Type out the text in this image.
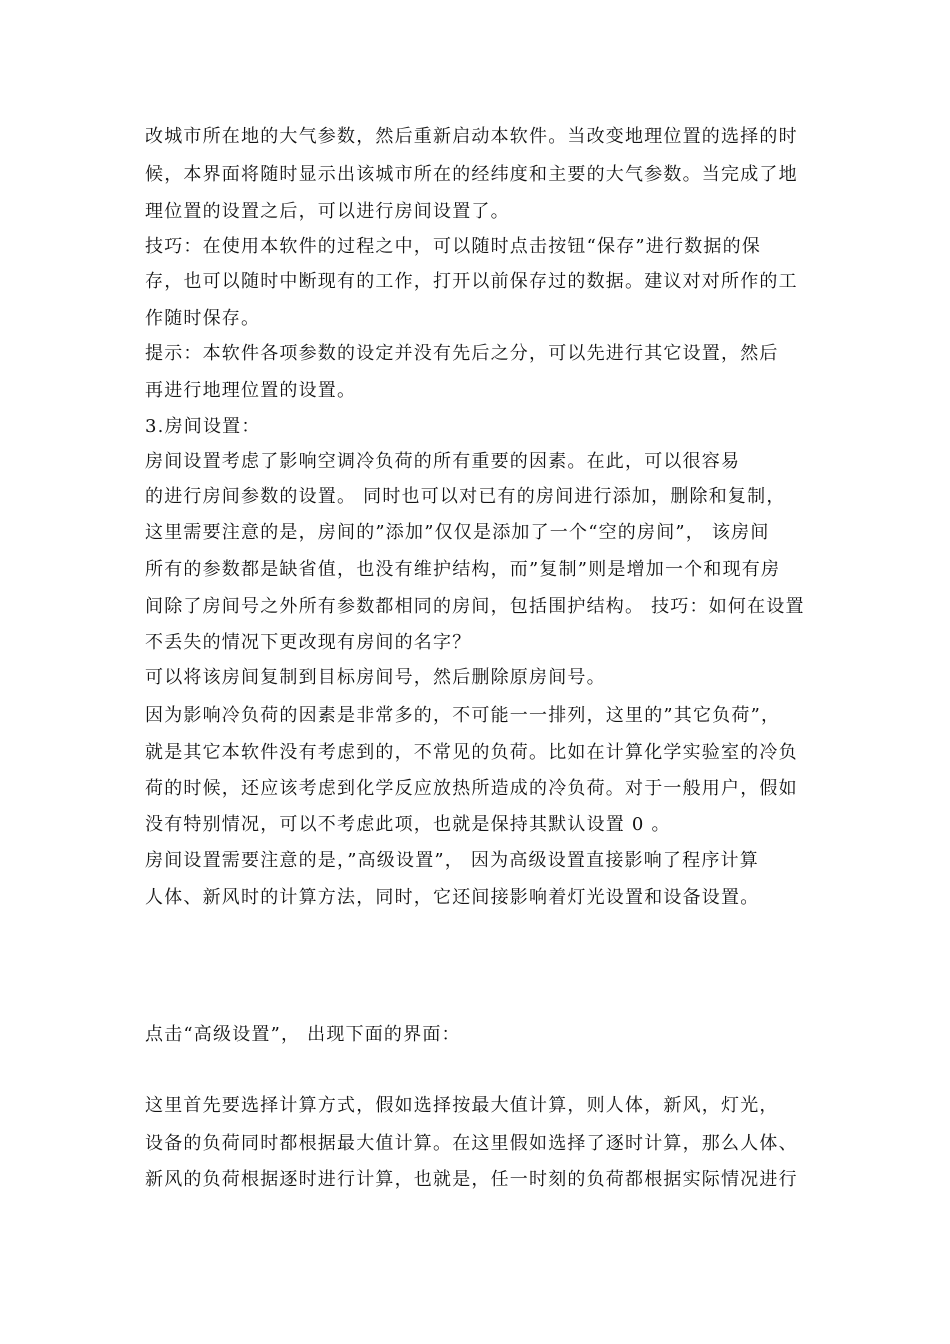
改城市所在地的大气参数，然后重新启动本软件。当改变地理位置的选择的时
候，本界面将随时显示出该城市所在的经纬度和主要的大气参数。当完成了地
理位置的设置之后，可以进行房间设置了。
技巧：在使用本软件的过程之中，可以随时点击按钮“保存”进行数据的保
存，也可以随时中断现有的工作，打开以前保存过的数据。建议对对所作的工
作随时保存。
提示：本软件各项参数的设定并没有先后之分，可以先进行其它设置，然后
再进行地理位置的设置。
3.房间设置：
房间设置考虑了影响空调冷负荷的所有重要的因素。在此，可以很容易
的进行房间参数的设置。 同时也可以对已有的房间进行添加，删除和复制，
这里需要注意的是，房间的”添加”仅仅是添加了一个“空的房间”， 该房间
所有的参数都是缺省值，也没有维护结构，而”复制”则是增加一个和现有房
间除了房间号之外所有参数都相同的房间，包括围护结构。 技巧：如何在设置
不丢失的情况下更改现有房间的名字？
可以将该房间复制到目标房间号，然后删除原房间号。
因为影响冷负荷的因素是非常多的，不可能一一排列，这里的”其它负荷”，
就是其它本软件没有考虑到的，不常见的负荷。比如在计算化学实验室的冷负
荷的时候，还应该考虑到化学反应放热所造成的冷负荷。对于一般用户，假如
没有特别情况，可以不考虑此项，也就是保持其默认设置 0 。
房间设置需要注意的是，”高级设置”， 因为高级设置直接影响了程序计算
人体、新风时的计算方法，同时，它还间接影响着灯光设置和设备设置。
点击“高级设置”， 出现下面的界面：
这里首先要选择计算方式，假如选择按最大值计算，则人体，新风，灯光，
设备的负荷同时都根据最大值计算。在这里假如选择了逐时计算，那么人体、
新风的负荷根据逐时进行计算，也就是，任一时刻的负荷都根据实际情况进行
